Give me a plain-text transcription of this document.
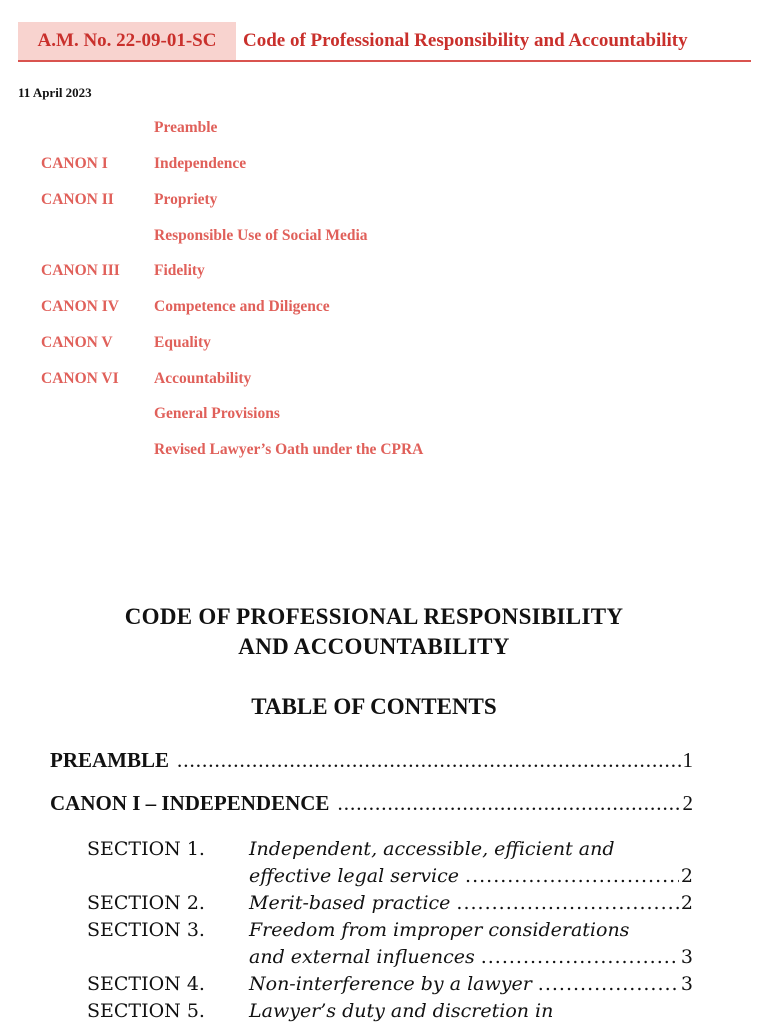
A.M. No. 22-09-01-SC	Code of Professional Responsibility and Accountability
11 April 2023
Preamble
CANON I	Independence
CANON II	Propriety
Responsible Use of Social Media
CANON III Fidelity
CANON IV Competence and Diligence
CANON V	Equality
CANON VI Accountability
General Provisions
Revised Lawyer’s Oath under the CPRA
CODE OF PROFESSIONAL RESPONSIBILITY
AND ACCOUNTABILITY
TABLE OF CONTENTS
PREAMBLE .....	1
CANON I – INDEPENDENCE .....	2
SECTION 1. Independent, accessible, efficient and
effective legal service .....	2
SECTION 2. Merit-based practice .....	2
SECTION 3. Freedom from improper considerations
and external influences .....	3
SECTION 4. Non-interference by a lawyer .....	3
SECTION 5. Lawyer’s duty and discretion in
